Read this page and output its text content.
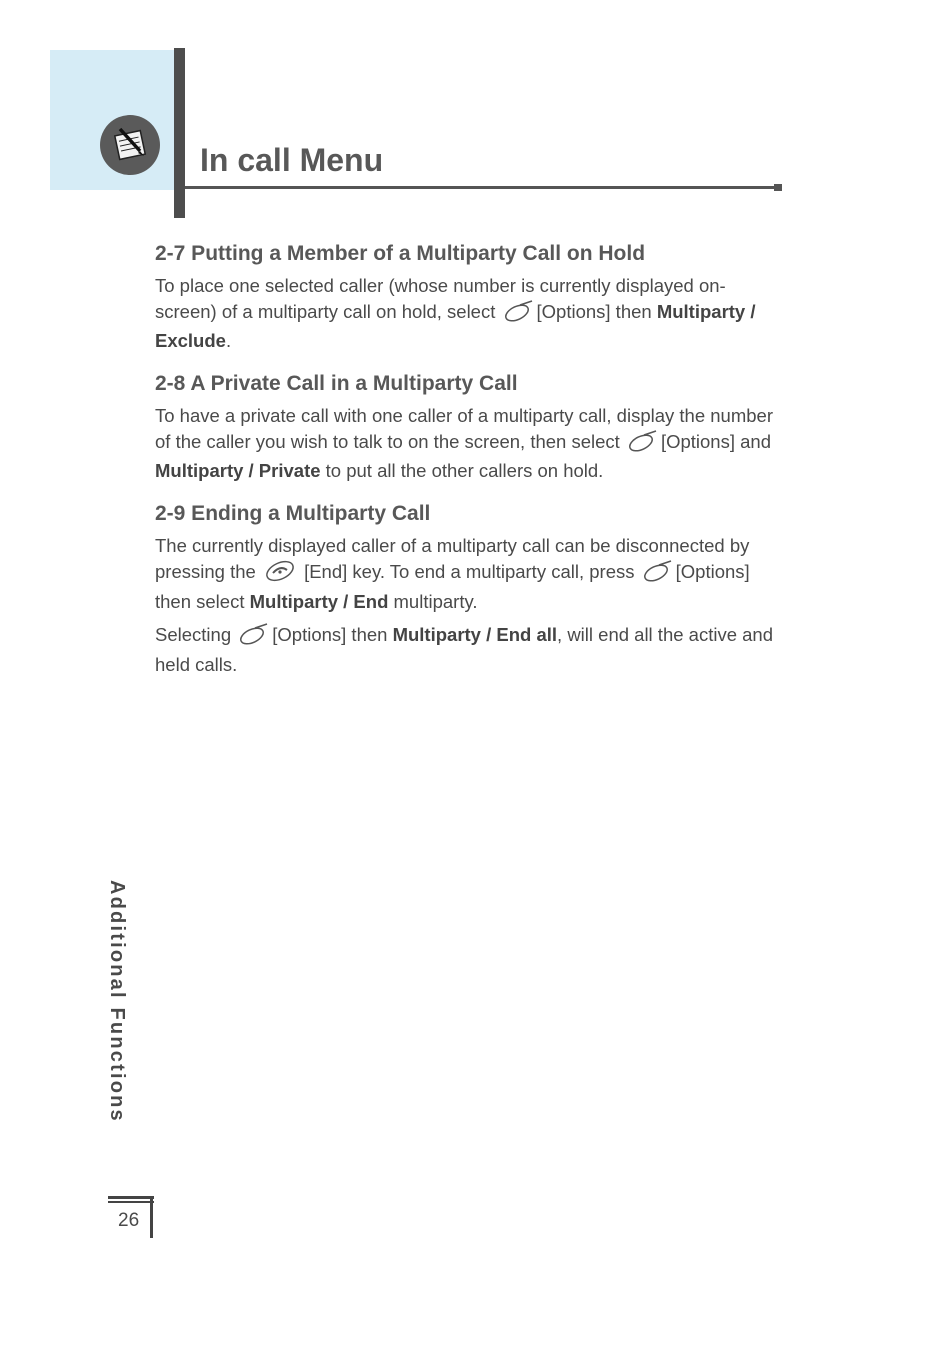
In call Menu
2-7 Putting a Member of a Multiparty Call on Hold

To place one selected caller (whose number is currently displayed on-screen) of a multiparty call on hold, select [Options] then Multiparty / Exclude.

2-8 A Private Call in a Multiparty Call

To have a private call with one caller of a multiparty call, display the number of the caller you wish to talk to on the screen, then select [Options] and Multiparty / Private to put all the other callers on hold.

2-9 Ending a Multiparty Call

The currently displayed caller of a multiparty call can be disconnected by pressing the  [End] key. To end a multiparty call, press [Options] then select Multiparty / End multiparty.

Selecting [Options] then Multiparty / End all, will end all the active and held calls.

Additional Functions
26
